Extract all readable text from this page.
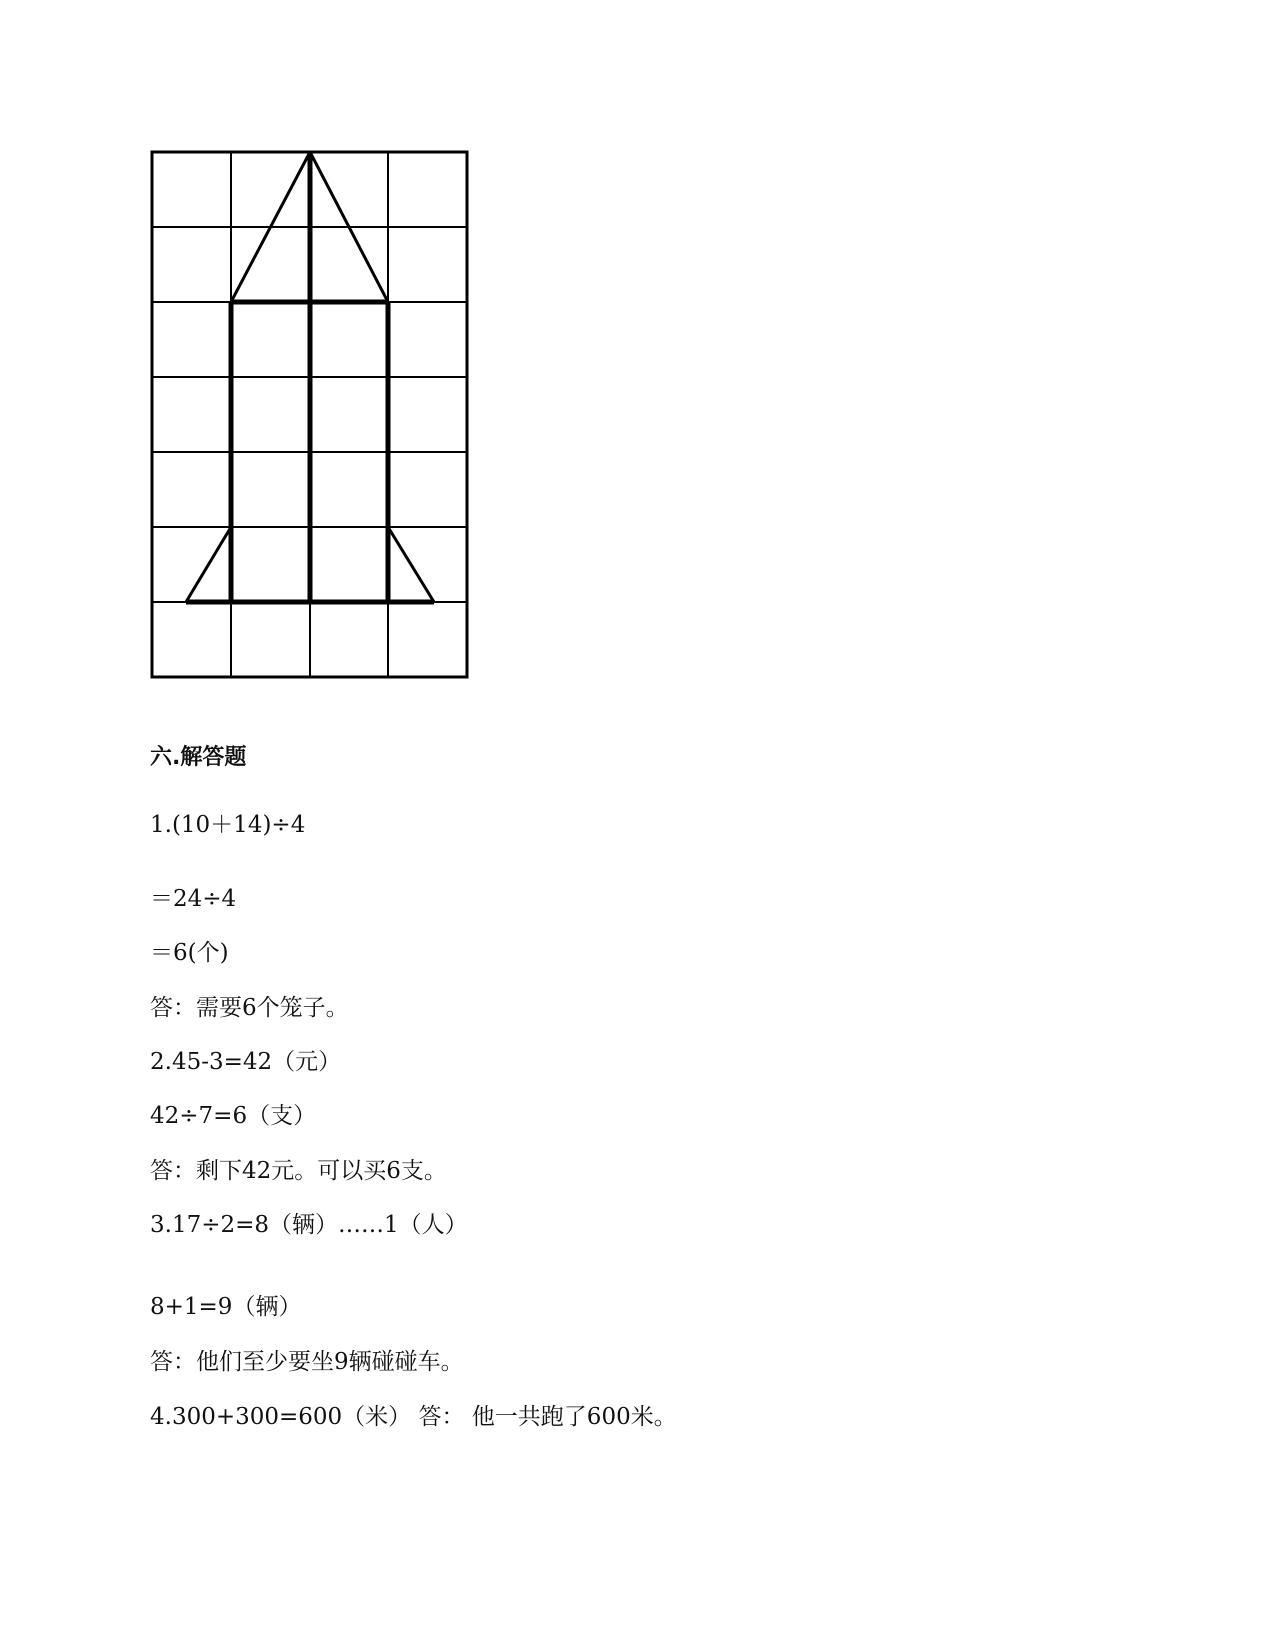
六.解答题
1.(10＋14)÷4
＝24÷4
＝6(个)
答：需要6个笼子。
2.45-3=42（元）
42÷7=6（支）
答：剩下42元。可以买6支。
3.17÷2=8（辆）……1（人）
8+1=9（辆）
答：他们至少要坐9辆碰碰车。
4.300+300=600（米） 答： 他一共跑了600米。
